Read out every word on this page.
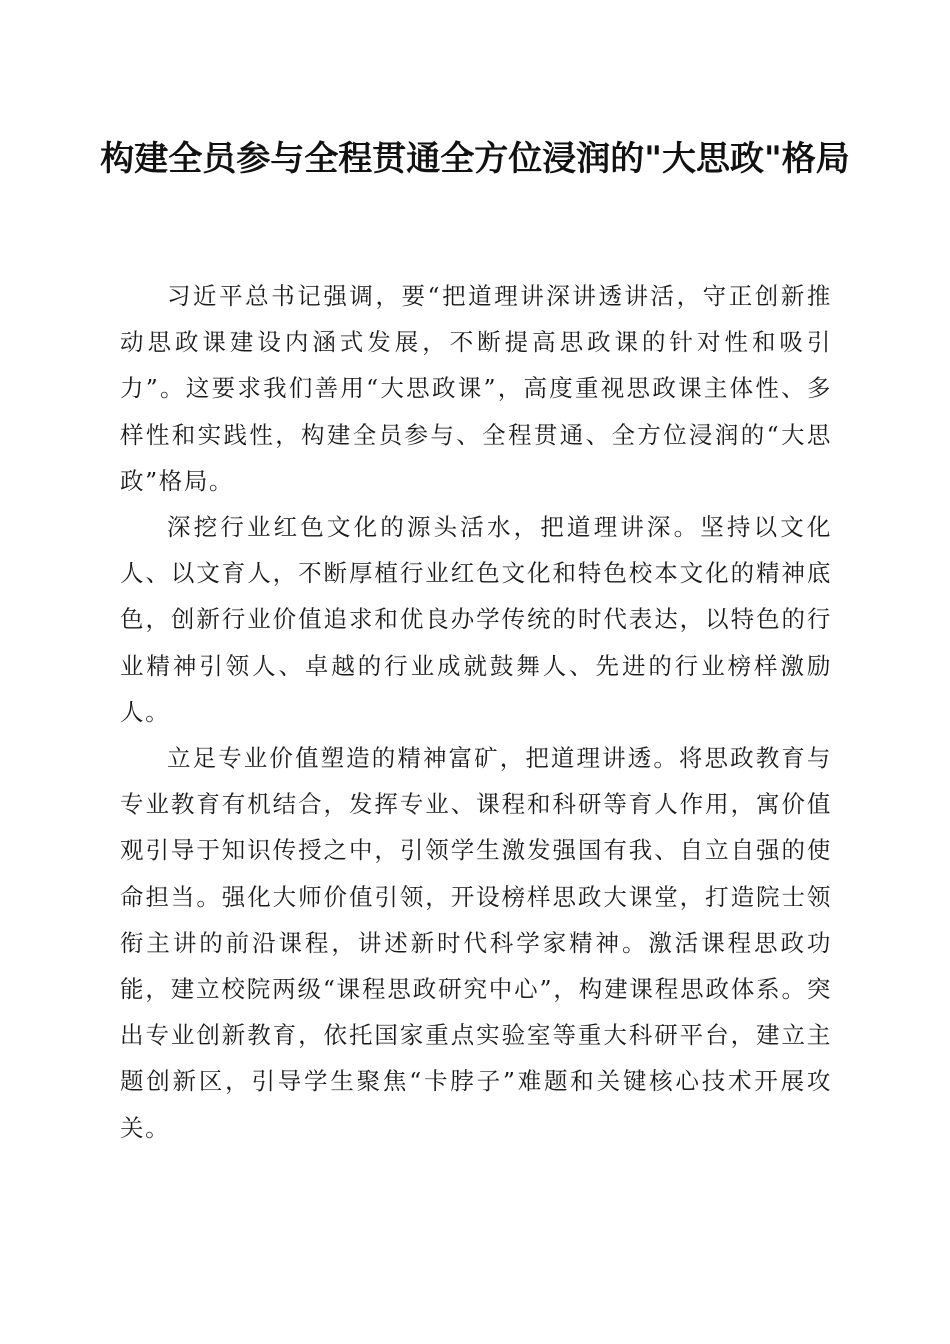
构建全员参与全程贯通全方位浸润的"大思政"格局

习近平总书记强调，要“把道理讲深讲透讲活，守正创新推动思政课建设内涵式发展，不断提高思政课的针对性和吸引力”。这要求我们善用“大思政课”，高度重视思政课主体性、多样性和实践性，构建全员参与、全程贯通、全方位浸润的“大思政”格局。

深挖行业红色文化的源头活水，把道理讲深。坚持以文化人、以文育人，不断厚植行业红色文化和特色校本文化的精神底色，创新行业价值追求和优良办学传统的时代表达，以特色的行业精神引领人、卓越的行业成就鼓舞人、先进的行业榜样激励人。

立足专业价值塑造的精神富矿，把道理讲透。将思政教育与专业教育有机结合，发挥专业、课程和科研等育人作用，寓价值观引导于知识传授之中，引领学生激发强国有我、自立自强的使命担当。强化大师价值引领，开设榜样思政大课堂，打造院士领衔主讲的前沿课程，讲述新时代科学家精神。激活课程思政功能，建立校院两级“课程思政研究中心”，构建课程思政体系。突出专业创新教育，依托国家重点实验室等重大科研平台，建立主题创新区，引导学生聚焦“卡脖子”难题和关键核心技术开展攻关。
